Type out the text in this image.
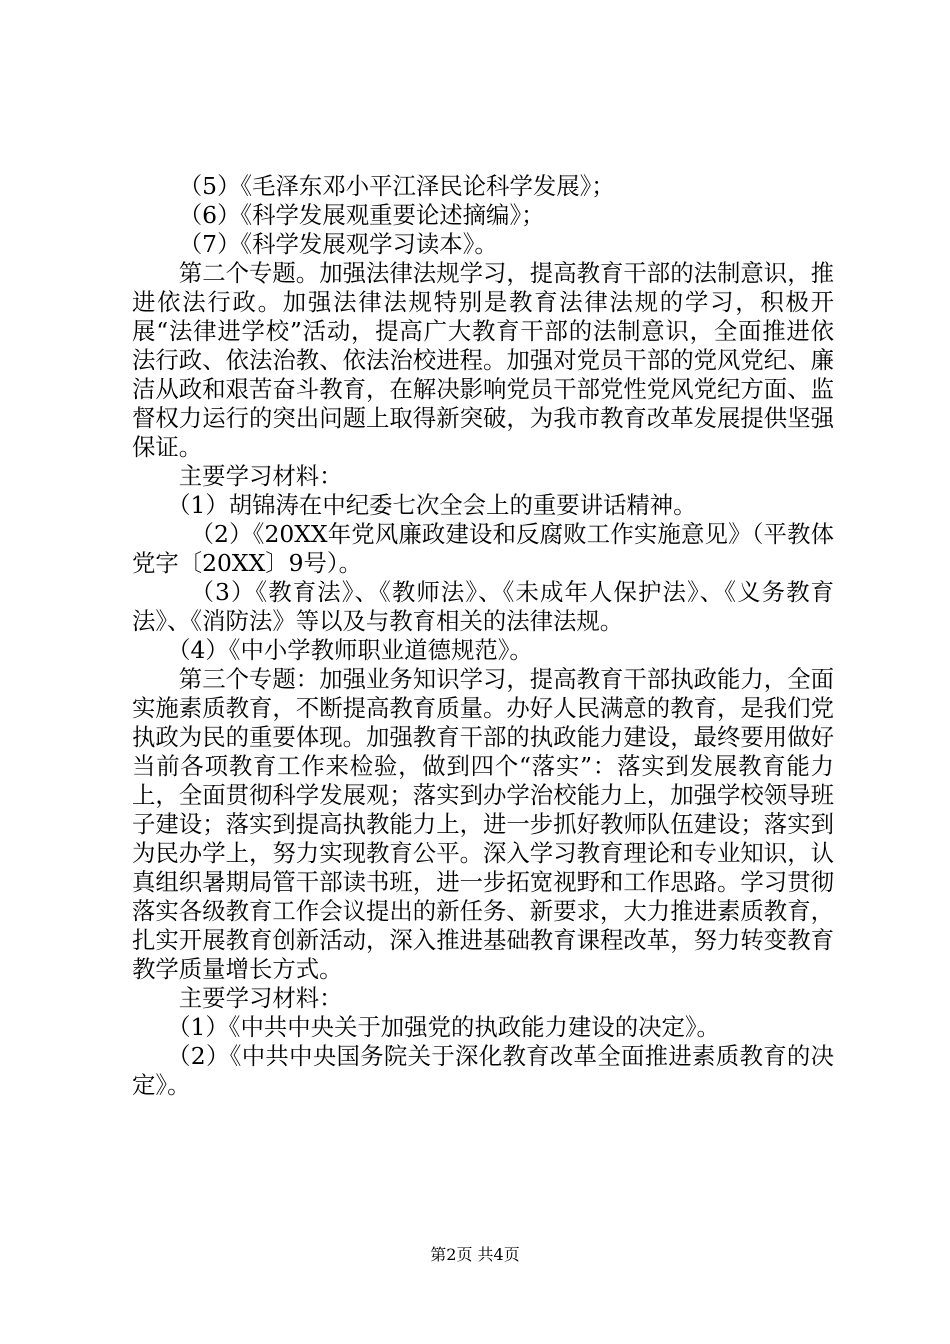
（5）《毛泽东邓小平江泽民论科学发展》；

（6）《科学发展观重要论述摘编》；

（7）《科学发展观学习读本》。

第二个专题。加强法律法规学习，提高教育干部的法制意识，推进依法行政。加强法律法规特别是教育法律法规的学习，积极开展“法律进学校”活动，提高广大教育干部的法制意识，全面推进依法行政、依法治教、依法治校进程。加强对党员干部的党风党纪、廉洁从政和艰苦奋斗教育，在解决影响党员干部党性党风党纪方面、监督权力运行的突出问题上取得新突破，为我市教育改革发展提供坚强保证。

主要学习材料：

（1）胡锦涛在中纪委七次全会上的重要讲话精神。

（2）《20XX年党风廉政建设和反腐败工作实施意见》（平教体党字〔20XX〕9号）。

（3）《教育法》、《教师法》、《未成年人保护法》、《义务教育法》、《消防法》等以及与教育相关的法律法规。

（4）《中小学教师职业道德规范》。

第三个专题：加强业务知识学习，提高教育干部执政能力，全面实施素质教育，不断提高教育质量。办好人民满意的教育，是我们党执政为民的重要体现。加强教育干部的执政能力建设，最终要用做好当前各项教育工作来检验，做到四个“落实”：落实到发展教育能力上，全面贯彻科学发展观；落实到办学治校能力上，加强学校领导班子建设；落实到提高执教能力上，进一步抓好教师队伍建设；落实到为民办学上，努力实现教育公平。深入学习教育理论和专业知识，认真组织暑期局管干部读书班，进一步拓宽视野和工作思路。学习贯彻落实各级教育工作会议提出的新任务、新要求，大力推进素质教育，扎实开展教育创新活动，深入推进基础教育课程改革，努力转变教育教学质量增长方式。

主要学习材料：

（1）《中共中央关于加强党的执政能力建设的决定》。

（2）《中共中央国务院关于深化教育改革全面推进素质教育的决定》。

第2页 共4页
